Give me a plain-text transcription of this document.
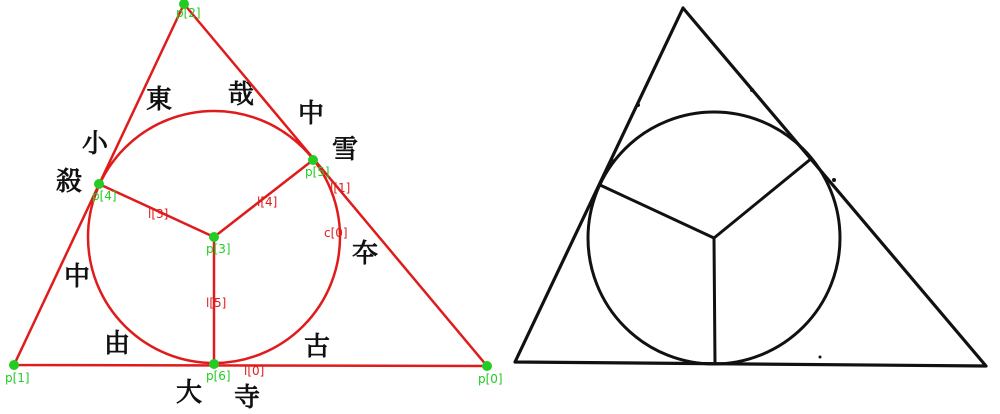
東 哉
中
雪
小
殺
夲
中
由	古
大 寺
l[3]
l[4]
l[5]
l[0]
l[1]
c[0]
p[0]
p[1]
p[2]
p[3]
p[4]
p[5]
p[6]
